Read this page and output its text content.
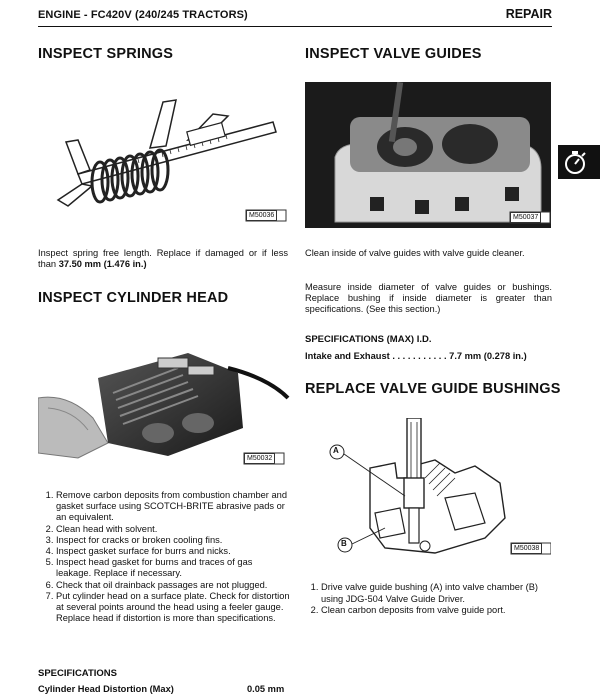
ENGINE - FC420V (240/245 TRACTORS)	REPAIR
INSPECT SPRINGS
M50036
Inspect spring free length. Replace if damaged or if less than 37.50 mm (1.476 in.)
INSPECT CYLINDER HEAD
M50032
1. Remove carbon deposits from combustion chamber and gasket surface using SCOTCH-BRITE abrasive pads or an equivalent.
2. Clean head with solvent.
3. Inspect for cracks or broken cooling fins.
4. Inspect gasket surface for burrs and nicks.
5. Inspect head gasket for burns and traces of gas leakage. Replace if necessary.
6. Check that oil drainback passages are not plugged.
7. Put cylinder head on a surface plate. Check for distortion at several points around the head using a feeler gauge. Replace head if distortion is more than specifications.
SPECIFICATIONS
Cylinder Head Distortion (Max)	0.05 mm
INSPECT VALVE GUIDES
M50037
Clean inside of valve guides with valve guide cleaner.
Measure inside diameter of valve guides or bushings. Replace bushing if inside diameter is greater than specifications. (See this section.)
SPECIFICATIONS (MAX) I.D.
Intake and Exhaust . . . . . . . . . . . 7.7 mm (0.278 in.)
REPLACE VALVE GUIDE BUSHINGS
A
B
M50038
1. Drive valve guide bushing (A) into valve chamber (B) using JDG-504 Valve Guide Driver.
2. Clean carbon deposits from valve guide port.
